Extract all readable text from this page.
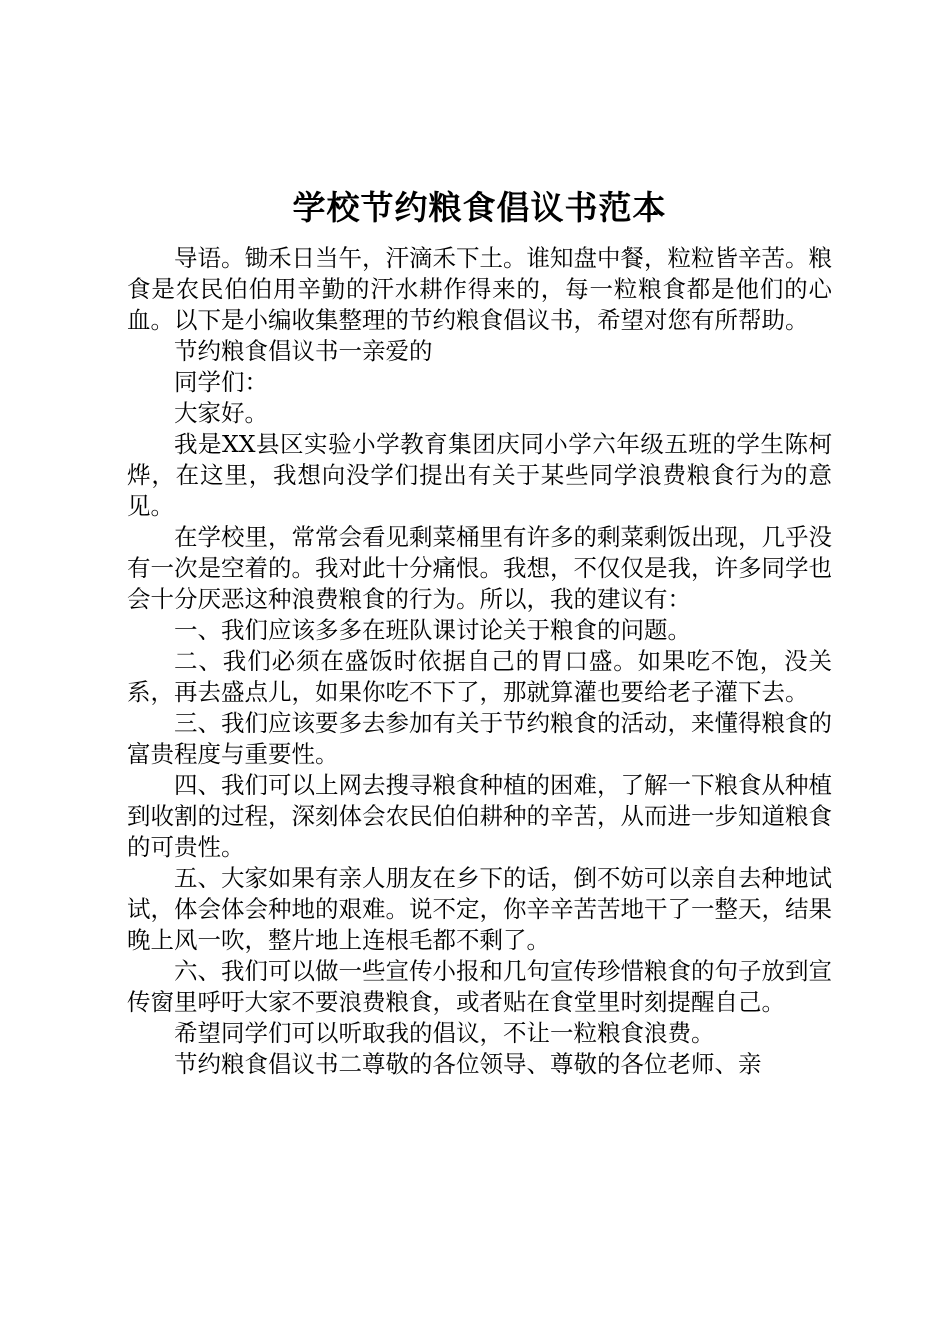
学校节约粮食倡议书范本

导语。锄禾日当午，汗滴禾下土。谁知盘中餐，粒粒皆辛苦。粮食是农民伯伯用辛勤的汗水耕作得来的，每一粒粮食都是他们的心血。以下是小编收集整理的节约粮食倡议书，希望对您有所帮助。

节约粮食倡议书一亲爱的

同学们：

大家好。

我是XX县区实验小学教育集团庆同小学六年级五班的学生陈柯烨，在这里，我想向没学们提出有关于某些同学浪费粮食行为的意见。

在学校里，常常会看见剩菜桶里有许多的剩菜剩饭出现，几乎没有一次是空着的。我对此十分痛恨。我想，不仅仅是我，许多同学也会十分厌恶这种浪费粮食的行为。所以，我的建议有：

一、我们应该多多在班队课讨论关于粮食的问题。

二、我们必须在盛饭时依据自己的胃口盛。如果吃不饱，没关系，再去盛点儿，如果你吃不下了，那就算灌也要给老子灌下去。

三、我们应该要多去参加有关于节约粮食的活动，来懂得粮食的富贵程度与重要性。

四、我们可以上网去搜寻粮食种植的困难，了解一下粮食从种植到收割的过程，深刻体会农民伯伯耕种的辛苦，从而进一步知道粮食的可贵性。

五、大家如果有亲人朋友在乡下的话，倒不妨可以亲自去种地试试，体会体会种地的艰难。说不定，你辛辛苦苦地干了一整天，结果晚上风一吹，整片地上连根毛都不剩了。

六、我们可以做一些宣传小报和几句宣传珍惜粮食的句子放到宣传窗里呼吁大家不要浪费粮食，或者贴在食堂里时刻提醒自己。

希望同学们可以听取我的倡议，不让一粒粮食浪费。

节约粮食倡议书二尊敬的各位领导、尊敬的各位老师、亲
